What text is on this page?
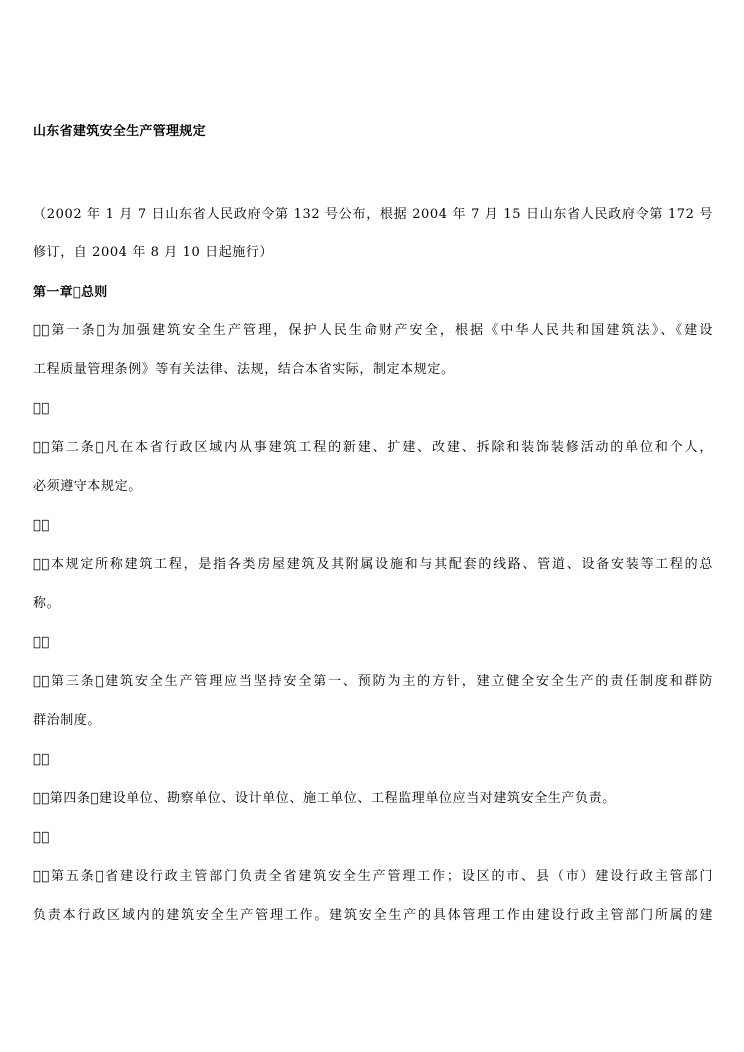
山东省建筑安全生产管理规定
（2002 年 1 月 7 日山东省人民政府令第 132 号公布，根据 2004 年 7 月 15 日山东省人民政府令第 172 号
修订，自 2004 年 8 月 10 日起施行）
第一章 总则
  第一条 为加强建筑安全生产管理，保护人民生命财产安全，根据《中华人民共和国建筑法》、《建设
工程质量管理条例》等有关法律、法规，结合本省实际，制定本规定。
  
  第二条 凡在本省行政区域内从事建筑工程的新建、扩建、改建、拆除和装饰装修活动的单位和个人，
必须遵守本规定。
  
  本规定所称建筑工程，是指各类房屋建筑及其附属设施和与其配套的线路、管道、设备安装等工程的总
称。
  
  第三条 建筑安全生产管理应当坚持安全第一、预防为主的方针，建立健全安全生产的责任制度和群防
群治制度。
  
  第四条 建设单位、勘察单位、设计单位、施工单位、工程监理单位应当对建筑安全生产负责。
  
  第五条 省建设行政主管部门负责全省建筑安全生产管理工作；设区的市、县（市）建设行政主管部门
负责本行政区域内的建筑安全生产管理工作。建筑安全生产的具体管理工作由建设行政主管部门所属的建
